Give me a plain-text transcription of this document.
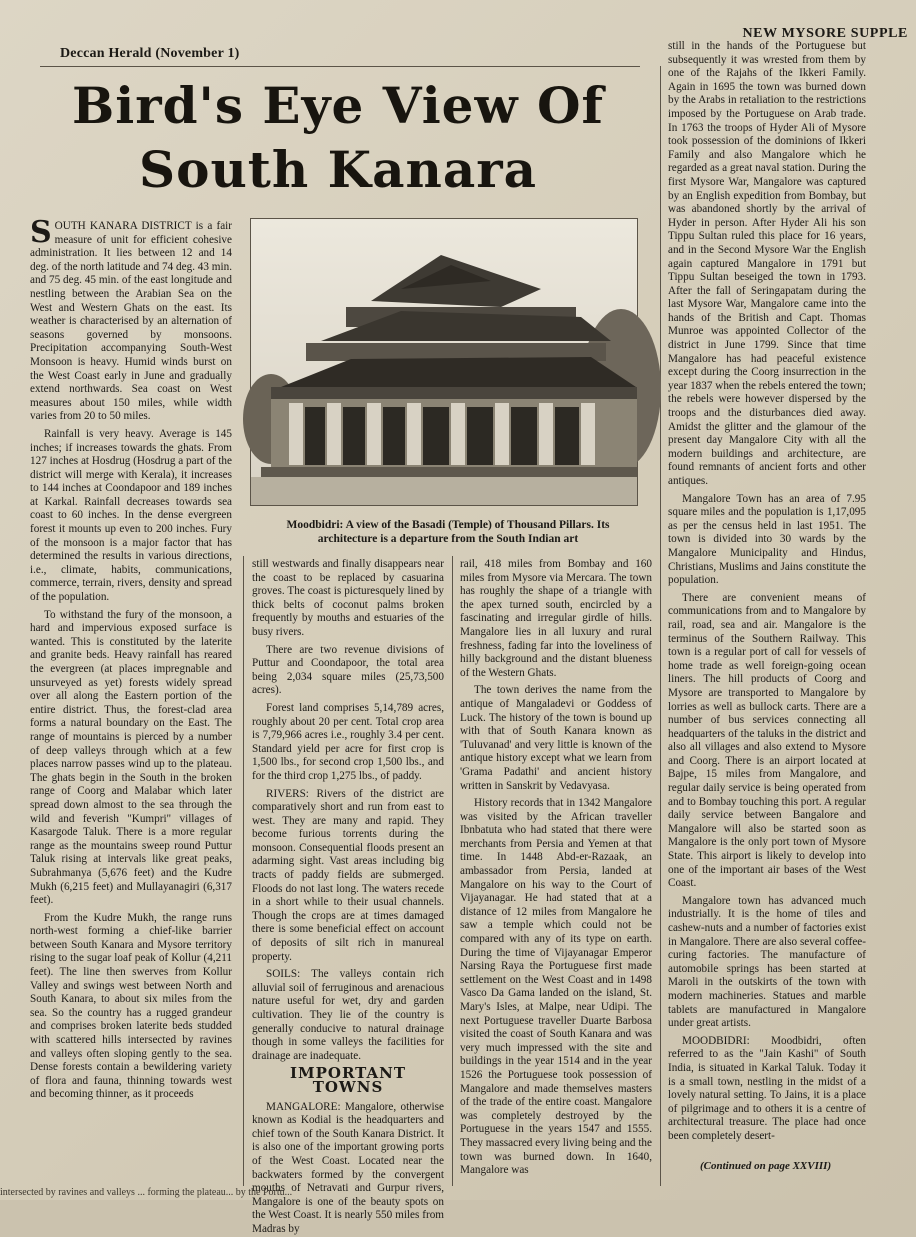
Deccan Herald (November 1)
NEW MYSORE SUPPLE
Bird's Eye View Of South Kanara
Moodbidri: A view of the Basadi (Temple) of Thousand Pillars. Its architecture is a departure from the South Indian art

SOUTH KANARA DISTRICT is a fair measure of unit for efficient cohesive administration. It lies between 12 and 14 deg. of the north latitude and 74 deg. 43 min. and 75 deg. 45 min. of the east longitude and nestling between the Arabian Sea on the West and Western Ghats on the east. Its weather is characterised by an alternation of seasons governed by monsoons. Precipitation accompanying South-West Monsoon is heavy. Humid winds burst on the West Coast early in June and gradually extend northwards. Sea coast on West measures about 150 miles, while width varies from 20 to 50 miles.

Rainfall is very heavy. Average is 145 inches; if increases towards the ghats. From 127 inches at Hosdrug (Hosdrug a part of the district will merge with Kerala), it increases to 144 inches at Coondapoor and 189 inches at Karkal. Rainfall decreases towards sea coast to 60 inches. In the dense evergreen forest it mounts up even to 200 inches. Fury of the monsoon is a major factor that has determined the results in various directions, i.e., climate, habits, communications, commerce, terrain, rivers, density and spread of the population.

To withstand the fury of the monsoon, a hard and impervious exposed surface is wanted. This is constituted by the laterite and granite beds. Heavy rainfall has reared the evergreen (at places impregnable and unsurveyed as yet) forests widely spread over all along the Eastern portion of the entire district. Thus, the forest-clad area forms a natural boundary on the East. The range of mountains is pierced by a number of deep valleys through which at a few places narrow passes wind up to the plateau. The ghats begin in the South in the broken range of Coorg and Malabar which later spread down almost to the sea through the wild and feverish "Kumpri" villages of Kasargode Taluk. There is a more regular range as the mountains sweep round Puttur Taluk rising at intervals like great peaks, Subrahmanya (5,676 feet) and the Kudre Mukh (6,215 feet) and Mullayanagiri (6,317 feet).

From the Kudre Mukh, the range runs north-west forming a chief-like barrier between South Kanara and Mysore territory rising to the sugar loaf peak of Kollur (4,211 feet). The line then swerves from Kollur Valley and swings west between North and South Kanara, to about six miles from the sea. So the country has a rugged grandeur and comprises broken laterite beds studded with scattered hills intersected by ravines and valleys often sloping gently to the sea. Dense forests contain a bewildering variety of flora and fauna, thinning towards west and becoming thinner, as it proceeds

still westwards and finally disappears near the coast to be replaced by casuarina groves. The coast is picturesquely lined by thick belts of coconut palms broken frequently by mouths and estuaries of the busy rivers.

There are two revenue divisions of Puttur and Coondapoor, the total area being 2,034 square miles (25,73,500 acres).

Forest land comprises 5,14,789 acres, roughly about 20 per cent. Total crop area is 7,79,966 acres i.e., roughly 3.4 per cent. Standard yield per acre for first crop is 1,500 lbs., for second crop 1,500 lbs., and for the third crop 1,275 lbs., of paddy.

RIVERS: Rivers of the district are comparatively short and run from east to west. They are many and rapid. They become furious torrents during the monsoon. Consequential floods present an adarming sight. Vast areas including big tracts of paddy fields are submerged. Floods do not last long. The waters recede in a short while to their usual channels. Though the crops are at times damaged there is some beneficial effect on account of deposits of silt rich in manureal property.

SOILS: The valleys contain rich alluvial soil of ferruginous and arenacious nature useful for wet, dry and garden cultivation. They lie of the country is generally conducive to natural drainage though in some valleys the facilities for drainage are inadequate.

IMPORTANT TOWNS

MANGALORE: Mangalore, otherwise known as Kodial is the headquarters and chief town of the South Kanara District. It is also one of the important growing ports of the West Coast. Located near the backwaters formed by the convergent mouths of Netravati and Gurpur rivers, Mangalore is one of the beauty spots on the West Coast. It is nearly 550 miles from Madras by

rail, 418 miles from Bombay and 160 miles from Mysore via Mercara. The town has roughly the shape of a triangle with the apex turned south, encircled by a fascinating and irregular girdle of hills. Mangalore lies in all luxury and rural freshness, fading far into the loveliness of hilly background and the distant blueness of the Western Ghats.

The town derives the name from the antique of Mangaladevi or Goddess of Luck. The history of the town is bound up with that of South Kanara known as 'Tuluvanad' and very little is known of the antique history except what we learn from 'Grama Padathi' and ancient history written in Sanskrit by Vedavyasa.

History records that in 1342 Mangalore was visited by the African traveller Ibnbatuta who had stated that there were merchants from Persia and Yemen at that time. In 1448 Abd-er-Razaak, an ambassador from Persia, landed at Mangalore on his way to the Court of Vijayanagar. He had stated that at a distance of 12 miles from Mangalore he saw a temple which could not be compared with any of its type on earth. During the time of Vijayanagar Emperor Narsing Raya the Portuguese first made settlement on the West Coast and in 1498 Vasco Da Gama landed on the island, St. Mary's Isles, at Malpe, near Udipi. The next Portuguese traveller Duarte Barbosa visited the coast of South Kanara and was very much impressed with the site and buildings in the year 1514 and in the year 1526 the Portuguese took possession of Mangalore and made themselves masters of the trade of the entire coast. Mangalore was completely destroyed by the Portuguese in the years 1547 and 1555. They massacred every living being and the town was burned down. In 1640, Mangalore was

still in the hands of the Portuguese but subsequently it was wrested from them by one of the Rajahs of the Ikkeri Family. Again in 1695 the town was burned down by the Arabs in retaliation to the restrictions imposed by the Portuguese on Arab trade. In 1763 the troops of Hyder Ali of Mysore took possession of the dominions of Ikkeri Family and also Mangalore which he regarded as a great naval station. During the first Mysore War, Mangalore was captured by an English expedition from Bombay, but was abandoned shortly by the arrival of Hyder in person. After Hyder Ali his son Tippu Sultan ruled this place for 16 years, and in the Second Mysore War the English again captured Mangalore in 1791 but Tippu Sultan beseiged the town in 1793. After the fall of Seringapatam during the last Mysore War, Mangalore came into the hands of the British and Capt. Thomas Munroe was appointed Collector of the district in June 1799. Since that time Mangalore has had peaceful existence except during the Coorg insurrection in the year 1837 when the rebels entered the town; the rebels were however dispersed by the troops and the disturbances died away. Amidst the glitter and the glamour of the present day Mangalore City with all the modern buildings and architecture, are found remnants of ancient forts and other antiques.

Mangalore Town has an area of 7.95 square miles and the population is 1,17,095 as per the census held in last 1951. The town is divided into 30 wards by the Mangalore Municipality and Hindus, Christians, Muslims and Jains constitute the population.

There are convenient means of communications from and to Mangalore by rail, road, sea and air. Mangalore is the terminus of the Southern Railway. This town is a regular port of call for vessels of home trade as well foreign-going ocean liners. The hill products of Coorg and Mysore are transported to Mangalore by lorries as well as bullock carts. There are a number of bus services connecting all headquarters of the taluks in the district and also all villages and also extend to Mysore and Coorg. There is an airport located at Bajpe, 15 miles from Mangalore, and regular daily service is being operated from and to Bombay touching this port. A regular daily service between Bangalore and Mangalore will also be started soon as Mangalore is the only port town of Mysore State. This airport is likely to develop into one of the important air bases of the West Coast.

Mangalore town has advanced much industrially. It is the home of tiles and cashew-nuts and a number of factories exist in Mangalore. There are also several coffee-curing factories. The manufacture of automobile springs has been started at Maroli in the outskirts of the town with modern machineries. Statues and marble tablets are manufactured in Mangalore under great artists.

MOODBIDRI: Moodbidri, often referred to as the "Jain Kashi" of South India, is situated in Karkal Taluk. Today it is a small town, nestling in the midst of a lovely natural setting. To Jains, it is a place of pilgrimage and to others it is a centre of architectural treasure. The place had once been completely desert-

(Continued on page XXVIII)
intersected by ravines and valleys ... forming the plateau... by the Portu...
